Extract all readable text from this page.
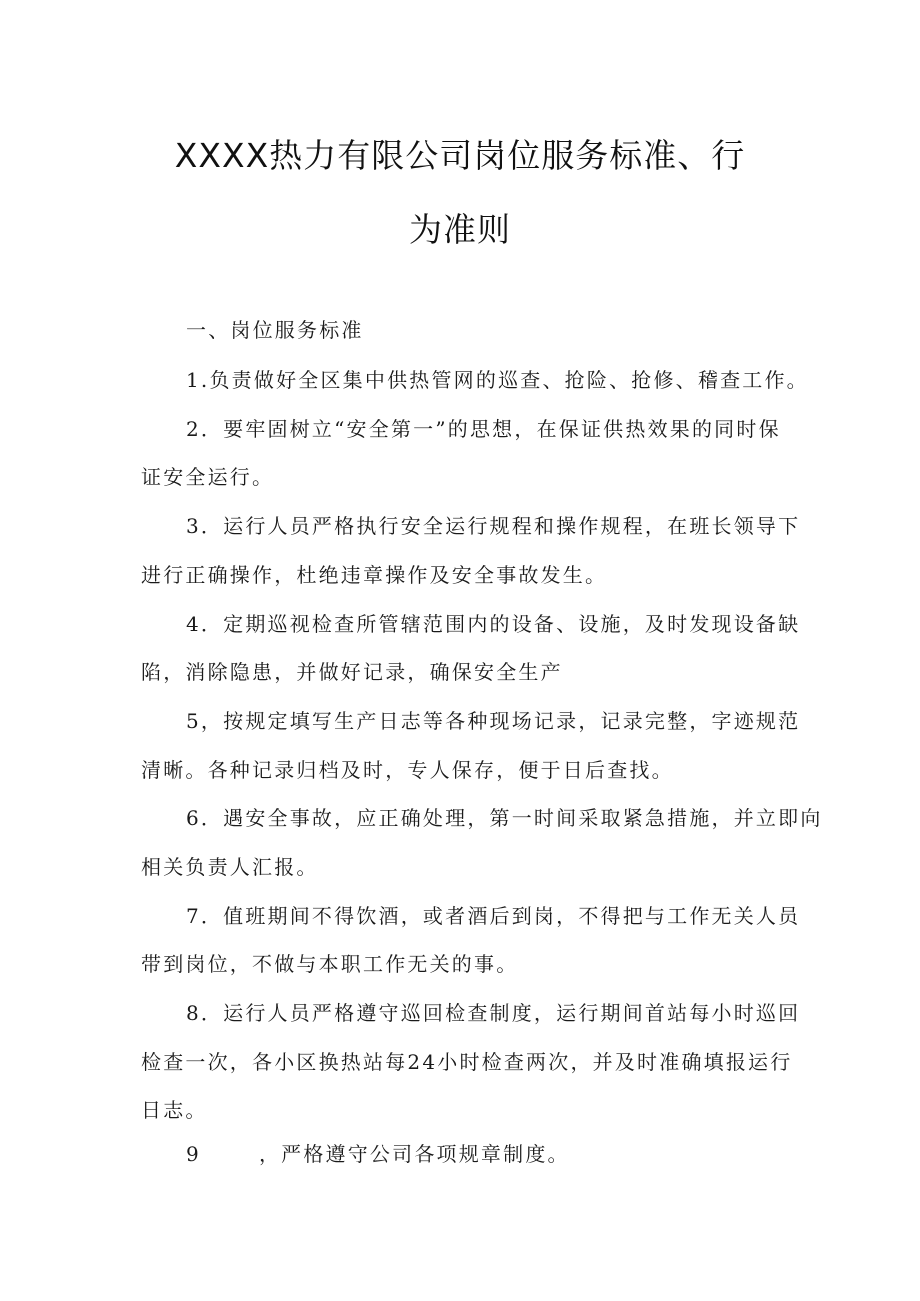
XXXX热力有限公司岗位服务标准、行
为准则
一、岗位服务标准
1.负责做好全区集中供热管网的巡查、抢险、抢修、稽查工作。
2．要牢固树立“安全第一”的思想，在保证供热效果的同时保
证安全运行。
3．运行人员严格执行安全运行规程和操作规程，在班长领导下
进行正确操作，杜绝违章操作及安全事故发生。
4．定期巡视检查所管辖范围内的设备、设施，及时发现设备缺
陷，消除隐患，并做好记录，确保安全生产
5，按规定填写生产日志等各种现场记录，记录完整，字迹规范
清晰。各种记录归档及时，专人保存，便于日后查找。
6．遇安全事故，应正确处理，第一时间采取紧急措施，并立即向
相关负责人汇报。
7．值班期间不得饮酒，或者酒后到岗，不得把与工作无关人员
带到岗位，不做与本职工作无关的事。
8．运行人员严格遵守巡回检查制度，运行期间首站每小时巡回
检查一次，各小区换热站每24小时检查两次，并及时准确填报运行
日志。
9	，严格遵守公司各项规章制度。
